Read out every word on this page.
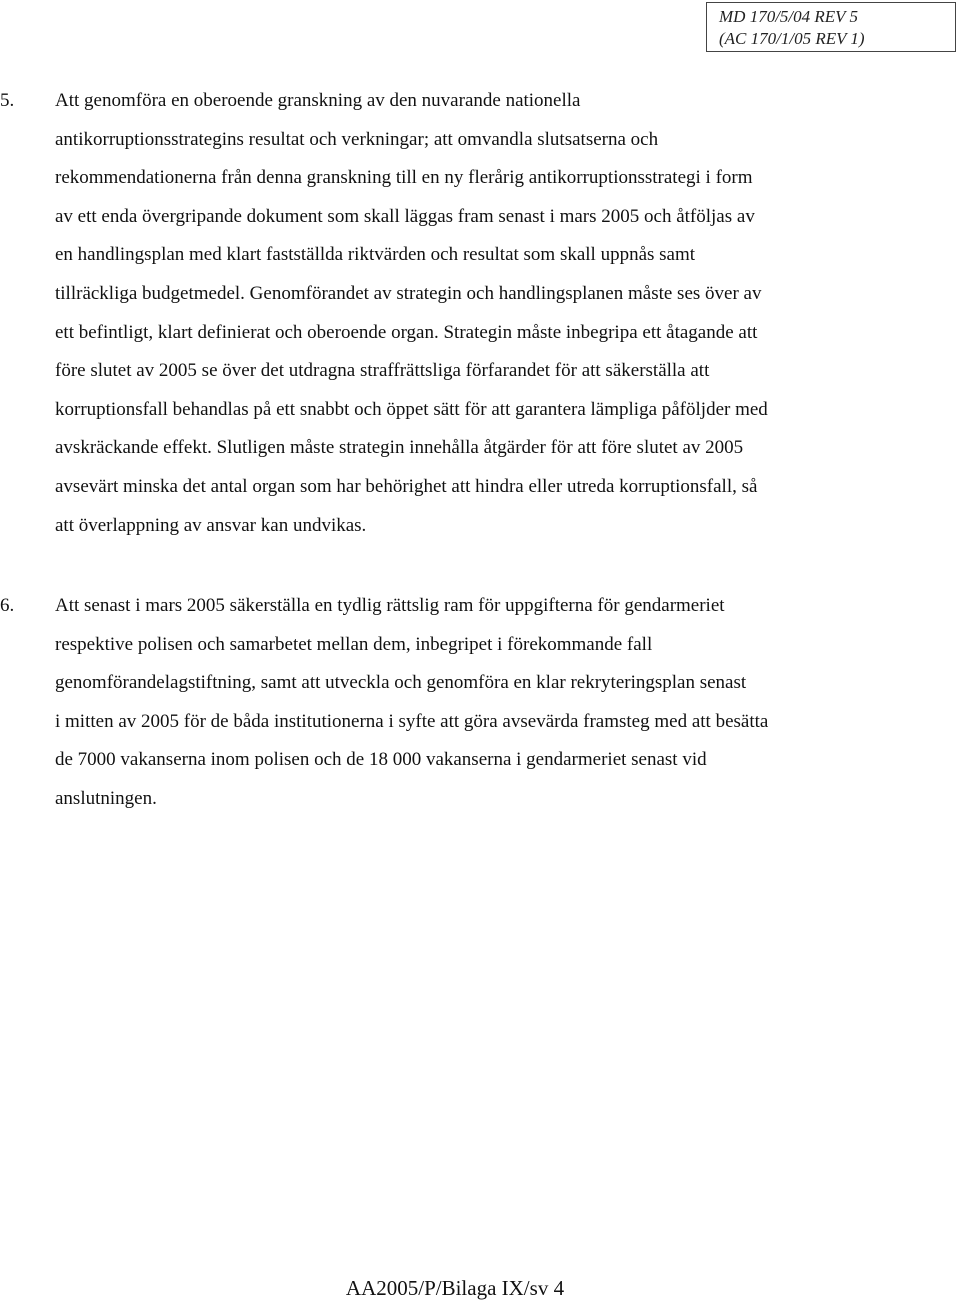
MD 170/5/04 REV 5
(AC 170/1/05 REV 1)
5. Att genomföra en oberoende granskning av den nuvarande nationella
antikorruptionsstrategins resultat och verkningar; att omvandla slutsatserna och
rekommendationerna från denna granskning till en ny flerårig antikorruptionsstrategi i form
av ett enda övergripande dokument som skall läggas fram senast i mars 2005 och åtföljas av
en handlingsplan med klart fastställda riktvärden och resultat som skall uppnås samt
tillräckliga budgetmedel. Genomförandet av strategin och handlingsplanen måste ses över av
ett befintligt, klart definierat och oberoende organ. Strategin måste inbegripa ett åtagande att
före slutet av 2005 se över det utdragna straffrättsliga förfarandet för att säkerställa att
korruptionsfall behandlas på ett snabbt och öppet sätt för att garantera lämpliga påföljder med
avskräckande effekt. Slutligen måste strategin innehålla åtgärder för att före slutet av 2005
avsevärt minska det antal organ som har behörighet att hindra eller utreda korruptionsfall, så
att överlappning av ansvar kan undvikas.
6. Att senast i mars 2005 säkerställa en tydlig rättslig ram för uppgifterna för gendarmeriet
respektive polisen och samarbetet mellan dem, inbegripet i förekommande fall
genomförandelagstiftning, samt att utveckla och genomföra en klar rekryteringsplan senast
i mitten av 2005 för de båda institutionerna i syfte att göra avsevärda framsteg med att besätta
de 7000 vakanserna inom polisen och de 18 000 vakanserna i gendarmeriet senast vid
anslutningen.
AA2005/P/Bilaga IX/sv 4
